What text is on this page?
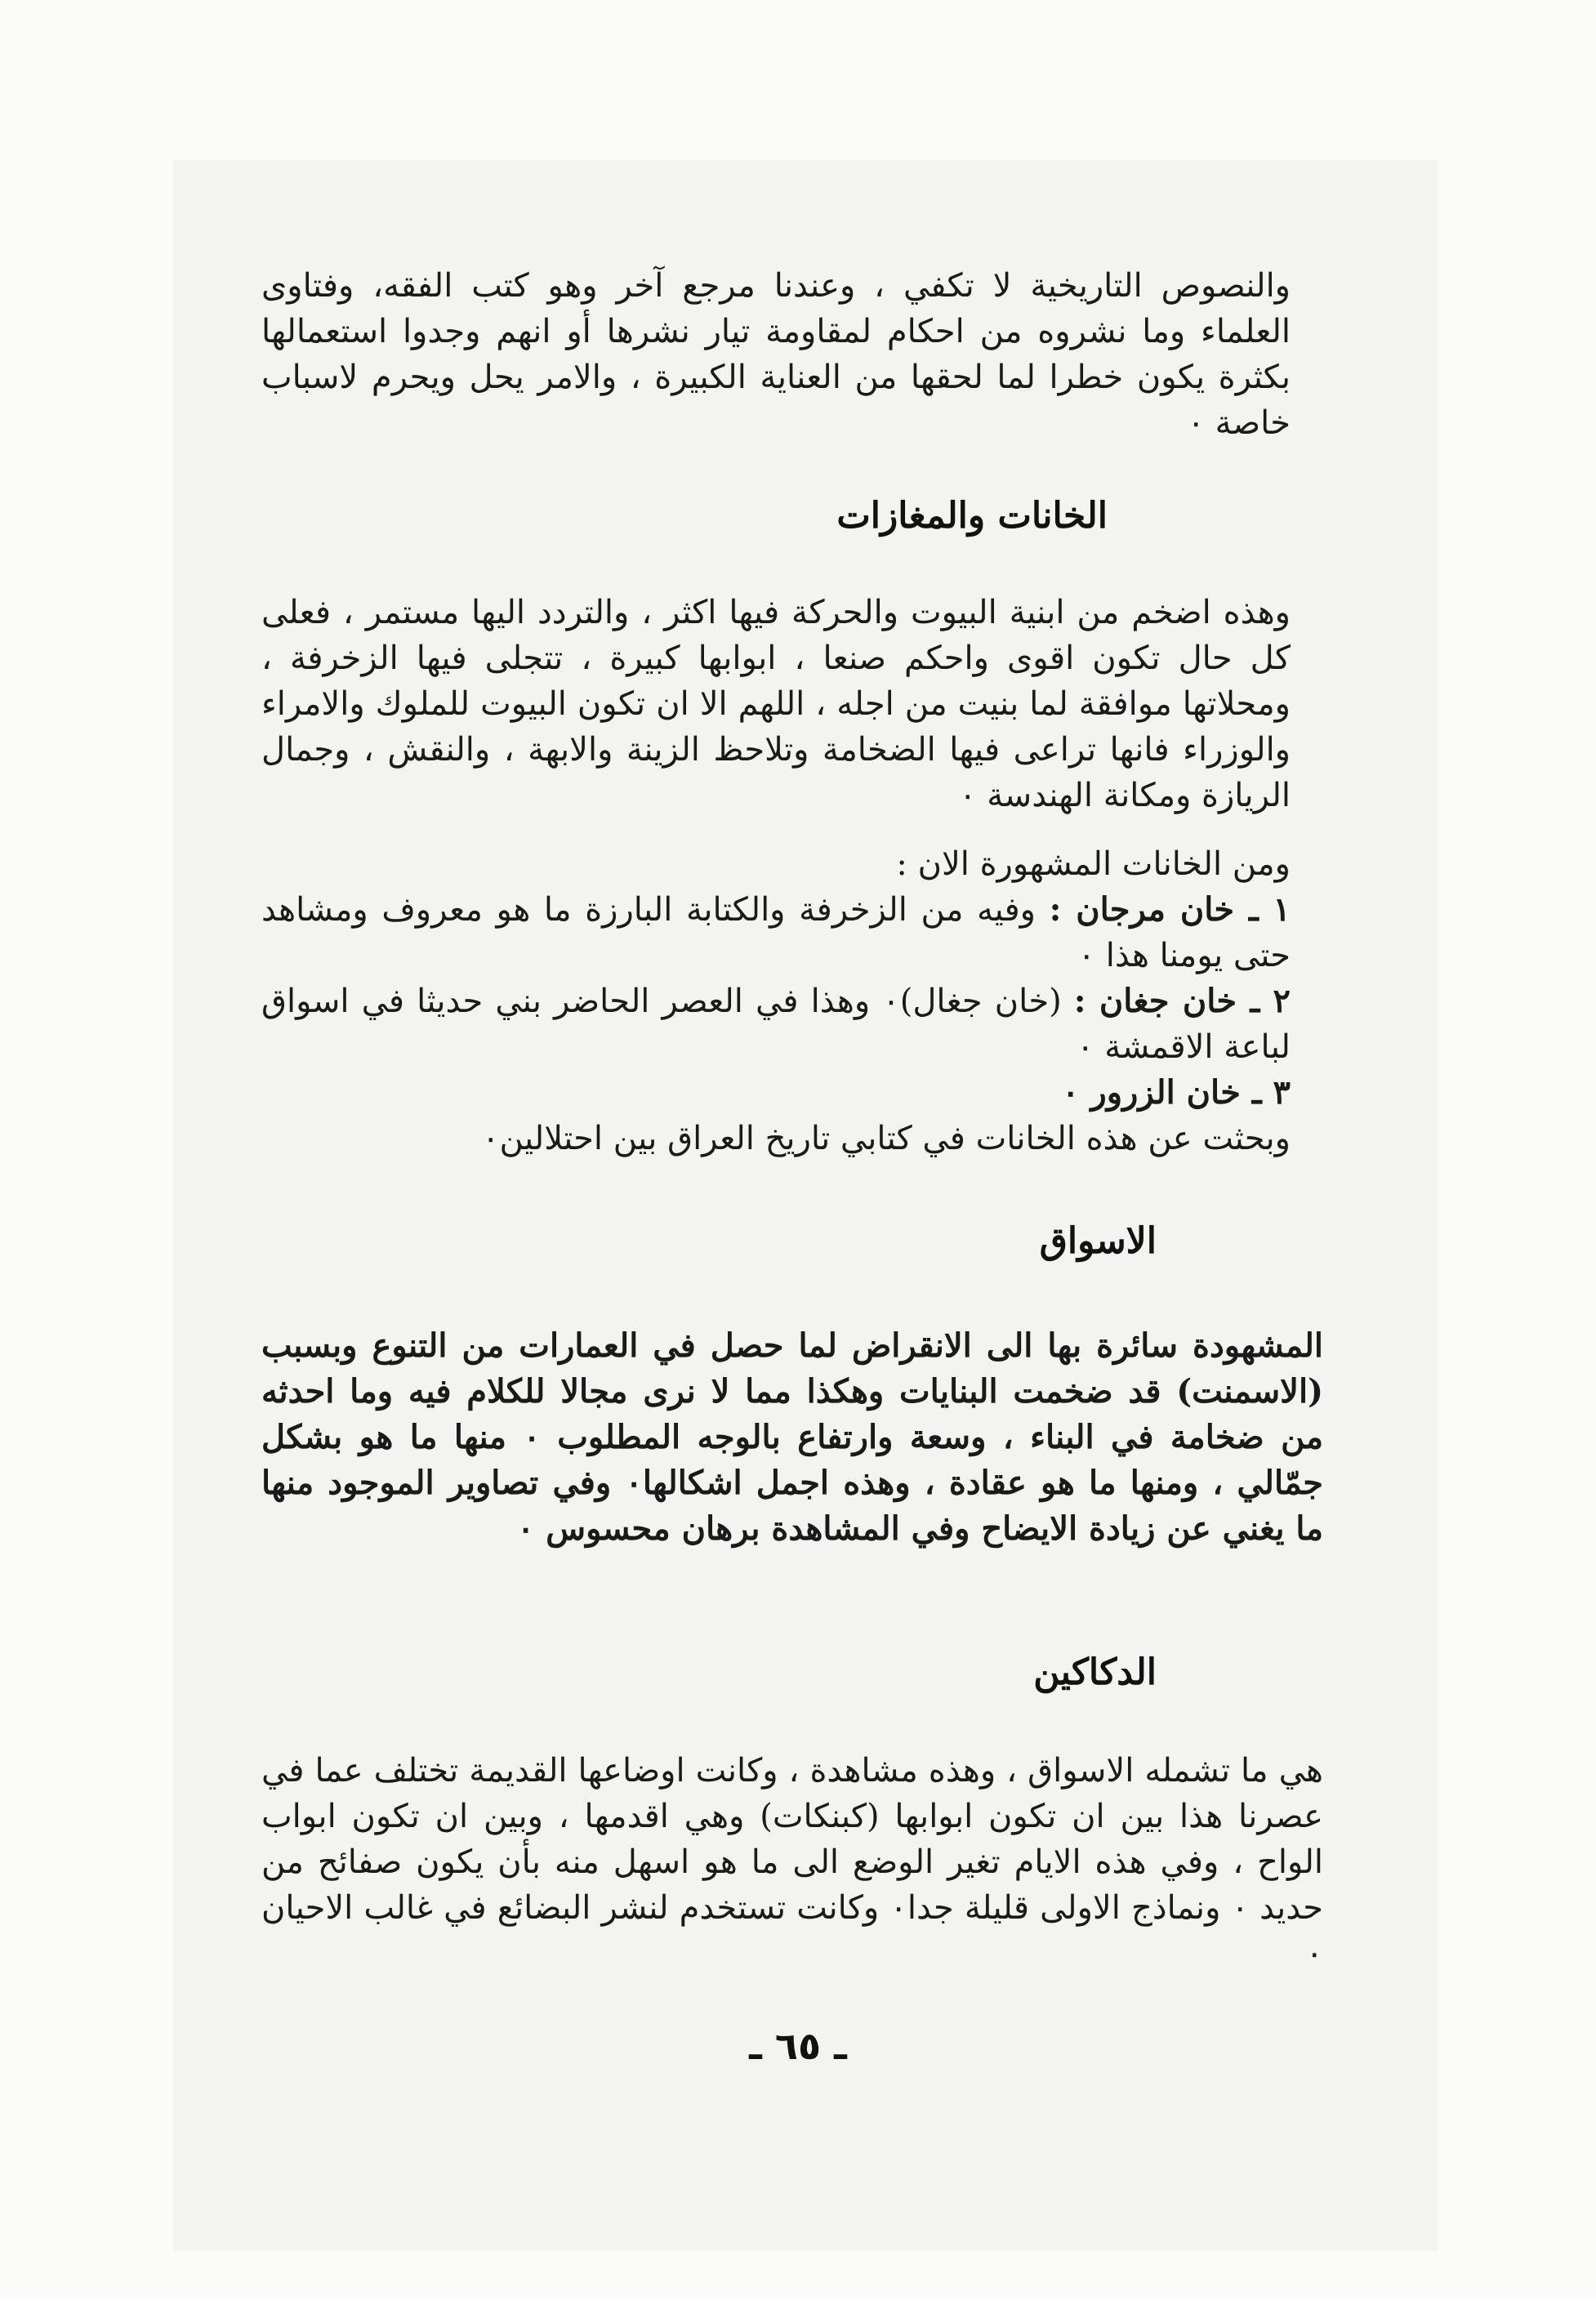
والنصوص التاريخية لا تكفي ، وعندنا مرجع آخر وهو كتب الفقه، وفتاوى العلماء وما نشروه من احكام لمقاومة تيار نشرها أو انهم وجدوا استعمالها بكثرة يكون خطرا لما لحقها من العناية الكبيرة ، والامر يحل ويحرم لاسباب خاصة ٠

الخانات والمغازات

وهذه اضخم من ابنية البيوت والحركة فيها اكثر ، والتردد اليها مستمر ، فعلى كل حال تكون اقوى واحكم صنعا ، ابوابها كبيرة ، تتجلى فيها الزخرفة ، ومحلاتها موافقة لما بنيت من اجله ، اللهم الا ان تكون البيوت للملوك والامراء والوزراء فانها تراعى فيها الضخامة وتلاحظ الزينة والابهة ، والنقش ، وجمال الريازة ومكانة الهندسة ٠

ومن الخانات المشهورة الان :

١ ـ خان مرجان : وفيه من الزخرفة والكتابة البارزة ما هو معروف ومشاهد حتى يومنا هذا ٠

٢ ـ خان جغان : (خان جغال)٠ وهذا في العصر الحاضر بني حديثا في اسواق لباعة الاقمشة ٠

٣ ـ خان الزرور ٠

وبحثت عن هذه الخانات في كتابي تاريخ العراق بين احتلالين٠

الاسواق

المشهودة سائرة بها الى الانقراض لما حصل في العمارات من التنوع وبسبب (الاسمنت) قد ضخمت البنايات وهكذا مما لا نرى مجالا للكلام فيه وما احدثه من ضخامة في البناء ، وسعة وارتفاع بالوجه المطلوب ٠ منها ما هو بشكل جمّالي ، ومنها ما هو عقادة ، وهذه اجمل اشكالها٠ وفي تصاوير الموجود منها ما يغني عن زيادة الايضاح وفي المشاهدة برهان محسوس ٠

الدكاكين

هي ما تشمله الاسواق ، وهذه مشاهدة ، وكانت اوضاعها القديمة تختلف عما في عصرنا هذا بين ان تكون ابوابها (كبنكات) وهي اقدمها ، وبين ان تكون ابواب الواح ، وفي هذه الايام تغير الوضع الى ما هو اسهل منه بأن يكون صفائح من حديد ٠ ونماذج الاولى قليلة جدا٠ وكانت تستخدم لنشر البضائع في غالب الاحيان ٠

ـ ٦٥ ـ
